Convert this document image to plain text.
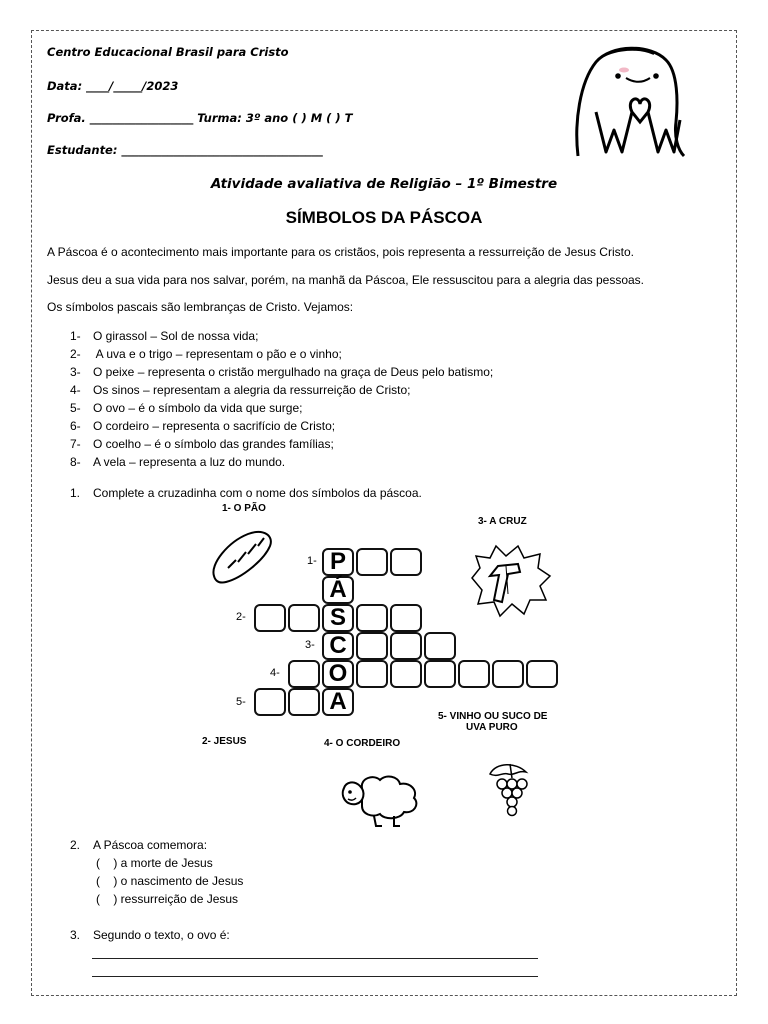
Centro Educacional Brasil para Cristo
Data: ____/_____/2023
Profa. __________________ Turma: 3º ano ( ) M ( ) T
Estudante: ___________________________________
Atividade avaliativa de Religião – 1º Bimestre
SÍMBOLOS DA PÁSCOA
A Páscoa é o acontecimento mais importante para os cristãos, pois representa a ressurreição de Jesus Cristo.
Jesus deu a sua vida para nos salvar, porém, na manhã da Páscoa, Ele ressuscitou para a alegria das pessoas.
Os símbolos pascais são lembranças de Cristo. Vejamos:
1- O girassol – Sol de nossa vida;
2- A uva e o trigo – representam o pão e o vinho;
3- O peixe – representa o cristão mergulhado na graça de Deus pelo batismo;
4- Os sinos – representam a alegria da ressurreição de Cristo;
5- O ovo – é o símbolo da vida que surge;
6- O cordeiro – representa o sacrifício de Cristo;
7- O coelho – é o símbolo das grandes famílias;
8- A vela – representa a luz do mundo.
1. Complete a cruzadinha com o nome dos símbolos da páscoa.
1- O PÃO
3- A CRUZ
2- JESUS	4- O CORDEIRO
5- VINHO OU SUCO DE
UVA PURO
1-
2-
3-
4-
5-
P
Á
S
C
O
A
2. A Páscoa comemora:
(    ) a morte de Jesus
(    ) o nascimento de Jesus
(    ) ressurreição de Jesus
3. Segundo o texto, o ovo é:
